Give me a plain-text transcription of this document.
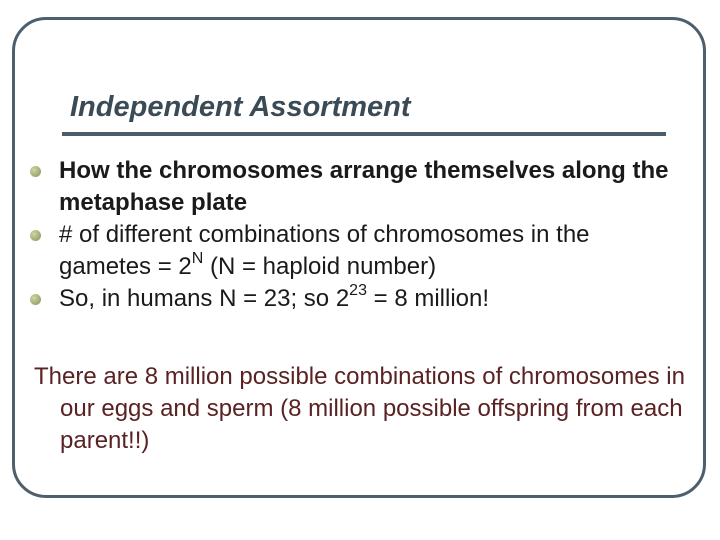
Independent Assortment
How the chromosomes arrange themselves along the metaphase plate
# of different combinations of chromosomes in the gametes = $2^N$ (N = haploid number)
So, in humans N = 23; so $2^{23} = 8$ million!

There are 8 million possible combinations of chromosomes in our eggs and sperm (8 million possible offspring from each parent!!)
